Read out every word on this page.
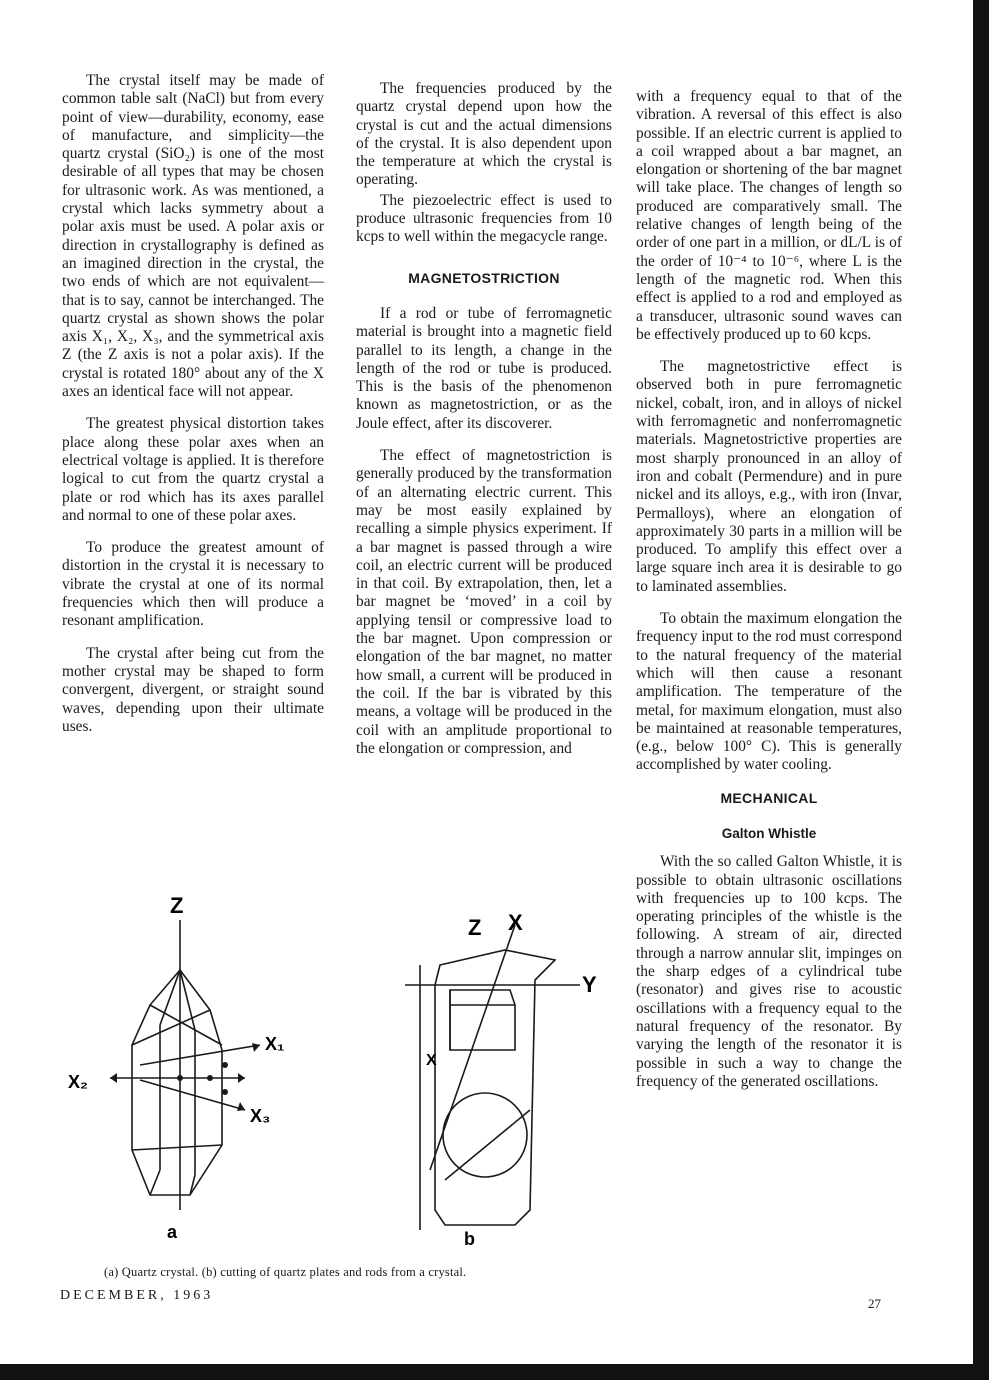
The crystal itself may be made of common table salt (NaCl) but from every point of view—durability, economy, ease of manufacture, and simplicity—the quartz crystal (SiO₂) is one of the most desirable of all types that may be chosen for ultrasonic work. As was mentioned, a crystal which lacks symmetry about a polar axis must be used. A polar axis or direction in crystallography is defined as an imagined direction in the crystal, the two ends of which are not equivalent—that is to say, cannot be interchanged. The quartz crystal as shown shows the polar axis X₁, X₂, X₃, and the symmetrical axis Z (the Z axis is not a polar axis). If the crystal is rotated 180° about any of the X axes an identical face will not appear.

The greatest physical distortion takes place along these polar axes when an electrical voltage is applied. It is therefore logical to cut from the quartz crystal a plate or rod which has its axes parallel and normal to one of these polar axes.

To produce the greatest amount of distortion in the crystal it is necessary to vibrate the crystal at one of its normal frequencies which then will produce a resonant amplification.

The crystal after being cut from the mother crystal may be shaped to form convergent, divergent, or straight sound waves, depending upon their ultimate uses.

The frequencies produced by the quartz crystal depend upon how the crystal is cut and the actual dimensions of the crystal. It is also dependent upon the temperature at which the crystal is operating.

The piezoelectric effect is used to produce ultrasonic frequencies from 10 kcps to well within the megacycle range.

MAGNETOSTRICTION

If a rod or tube of ferromagnetic material is brought into a magnetic field parallel to its length, a change in the length of the rod or tube is produced. This is the basis of the phenomenon known as magnetostriction, or as the Joule effect, after its discoverer.

The effect of magnetostriction is generally produced by the transformation of an alternating electric current. This may be most easily explained by recalling a simple physics experiment. If a bar magnet is passed through a wire coil, an electric current will be produced in that coil. By extrapolation, then, let a bar magnet be ‘moved’ in a coil by applying tensil or compressive load to the bar magnet. Upon compression or elongation of the bar magnet, no matter how small, a current will be produced in the coil. If the bar is vibrated by this means, a voltage will be produced in the coil with an amplitude proportional to the elongation or compression, and

with a frequency equal to that of the vibration. A reversal of this effect is also possible. If an electric current is applied to a coil wrapped about a bar magnet, an elongation or shortening of the bar magnet will take place. The changes of length so produced are comparatively small. The relative changes of length being of the order of one part in a million, or dL/L is of the order of 10⁻⁴ to 10⁻⁶, where L is the length of the magnetic rod. When this effect is applied to a rod and employed as a transducer, ultrasonic sound waves can be effectively produced up to 60 kcps.

The magnetostrictive effect is observed both in pure ferromagnetic nickel, cobalt, iron, and in alloys of nickel with ferromagnetic and nonferromagnetic materials. Magnetostrictive properties are most sharply pronounced in an alloy of iron and cobalt (Permendure) and in pure nickel and its alloys, e.g., with iron (Invar, Permalloys), where an elongation of approximately 30 parts in a million will be produced. To amplify this effect over a large square inch area it is desirable to go to laminated assemblies.

To obtain the maximum elongation the frequency input to the rod must correspond to the natural frequency of the material which will then cause a resonant amplification. The temperature of the metal, for maximum elongation, must also be maintained at reasonable temperatures, (e.g., below 100° C). This is generally accomplished by water cooling.

MECHANICAL
Galton Whistle

With the so called Galton Whistle, it is possible to obtain ultrasonic oscillations with frequencies up to 100 kcps. The operating principles of the whistle is the following. A stream of air, directed through a narrow annular slit, impinges on the sharp edges of a cylindrical tube (resonator) and gives rise to acoustic oscillations with a frequency equal to the natural frequency of the resonator. By varying the length of the resonator it is possible in such a way to change the frequency of the generated oscillations.

Z
X₁
X₂
X₃
a
Z X
Y
X
b
(a) Quartz crystal. (b) cutting of quartz plates and rods from a crystal.
DECEMBER, 1963
27
